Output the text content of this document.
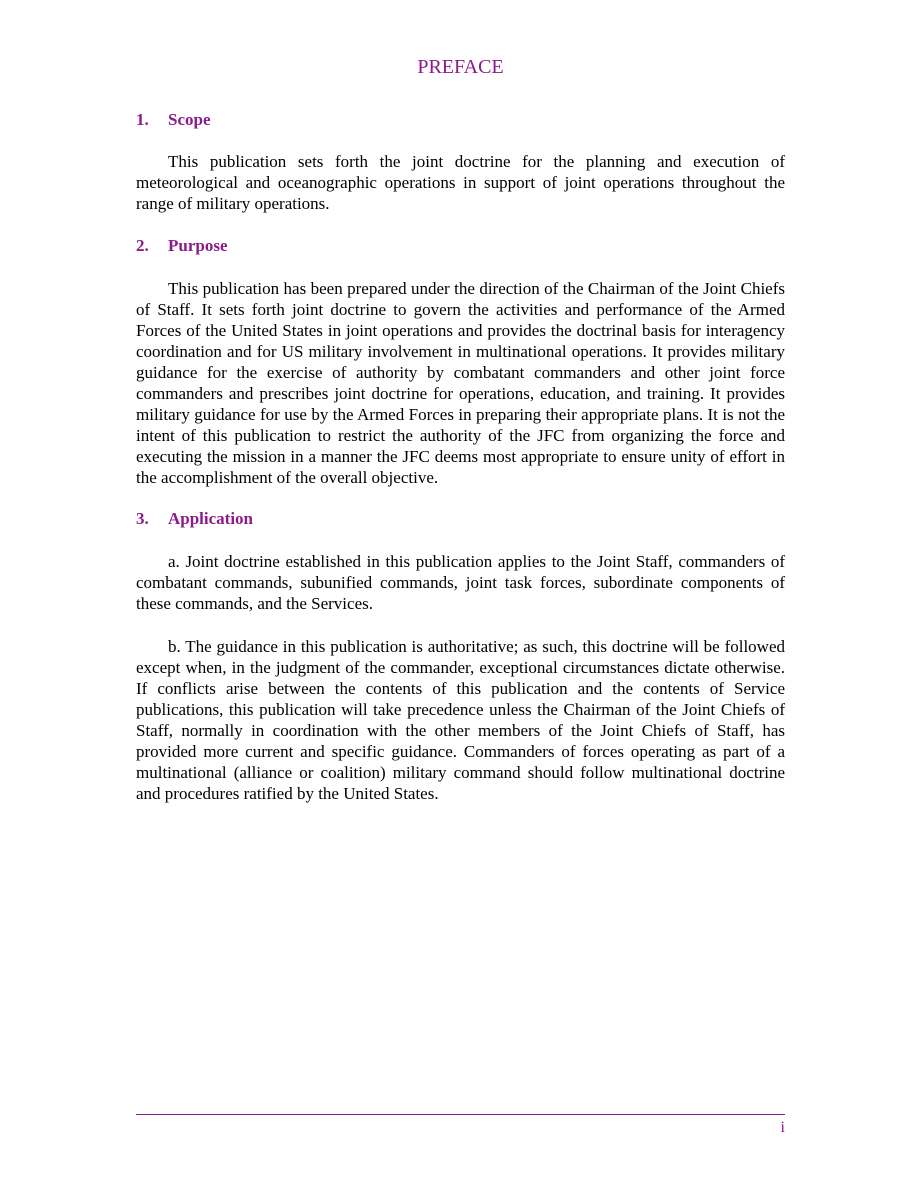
PREFACE
1. Scope
This publication sets forth the joint doctrine for the planning and execution of meteorological and oceanographic operations in support of joint operations throughout the range of military operations.
2. Purpose
This publication has been prepared under the direction of the Chairman of the Joint Chiefs of Staff. It sets forth joint doctrine to govern the activities and performance of the Armed Forces of the United States in joint operations and provides the doctrinal basis for interagency coordination and for US military involvement in multinational operations. It provides military guidance for the exercise of authority by combatant commanders and other joint force commanders and prescribes joint doctrine for operations, education, and training. It provides military guidance for use by the Armed Forces in preparing their appropriate plans. It is not the intent of this publication to restrict the authority of the JFC from organizing the force and executing the mission in a manner the JFC deems most appropriate to ensure unity of effort in the accomplishment of the overall objective.
3. Application
a. Joint doctrine established in this publication applies to the Joint Staff, commanders of combatant commands, subunified commands, joint task forces, subordinate components of these commands, and the Services.
b. The guidance in this publication is authoritative; as such, this doctrine will be followed except when, in the judgment of the commander, exceptional circumstances dictate otherwise. If conflicts arise between the contents of this publication and the contents of Service publications, this publication will take precedence unless the Chairman of the Joint Chiefs of Staff, normally in coordination with the other members of the Joint Chiefs of Staff, has provided more current and specific guidance. Commanders of forces operating as part of a multinational (alliance or coalition) military command should follow multinational doctrine and procedures ratified by the United States.
i
